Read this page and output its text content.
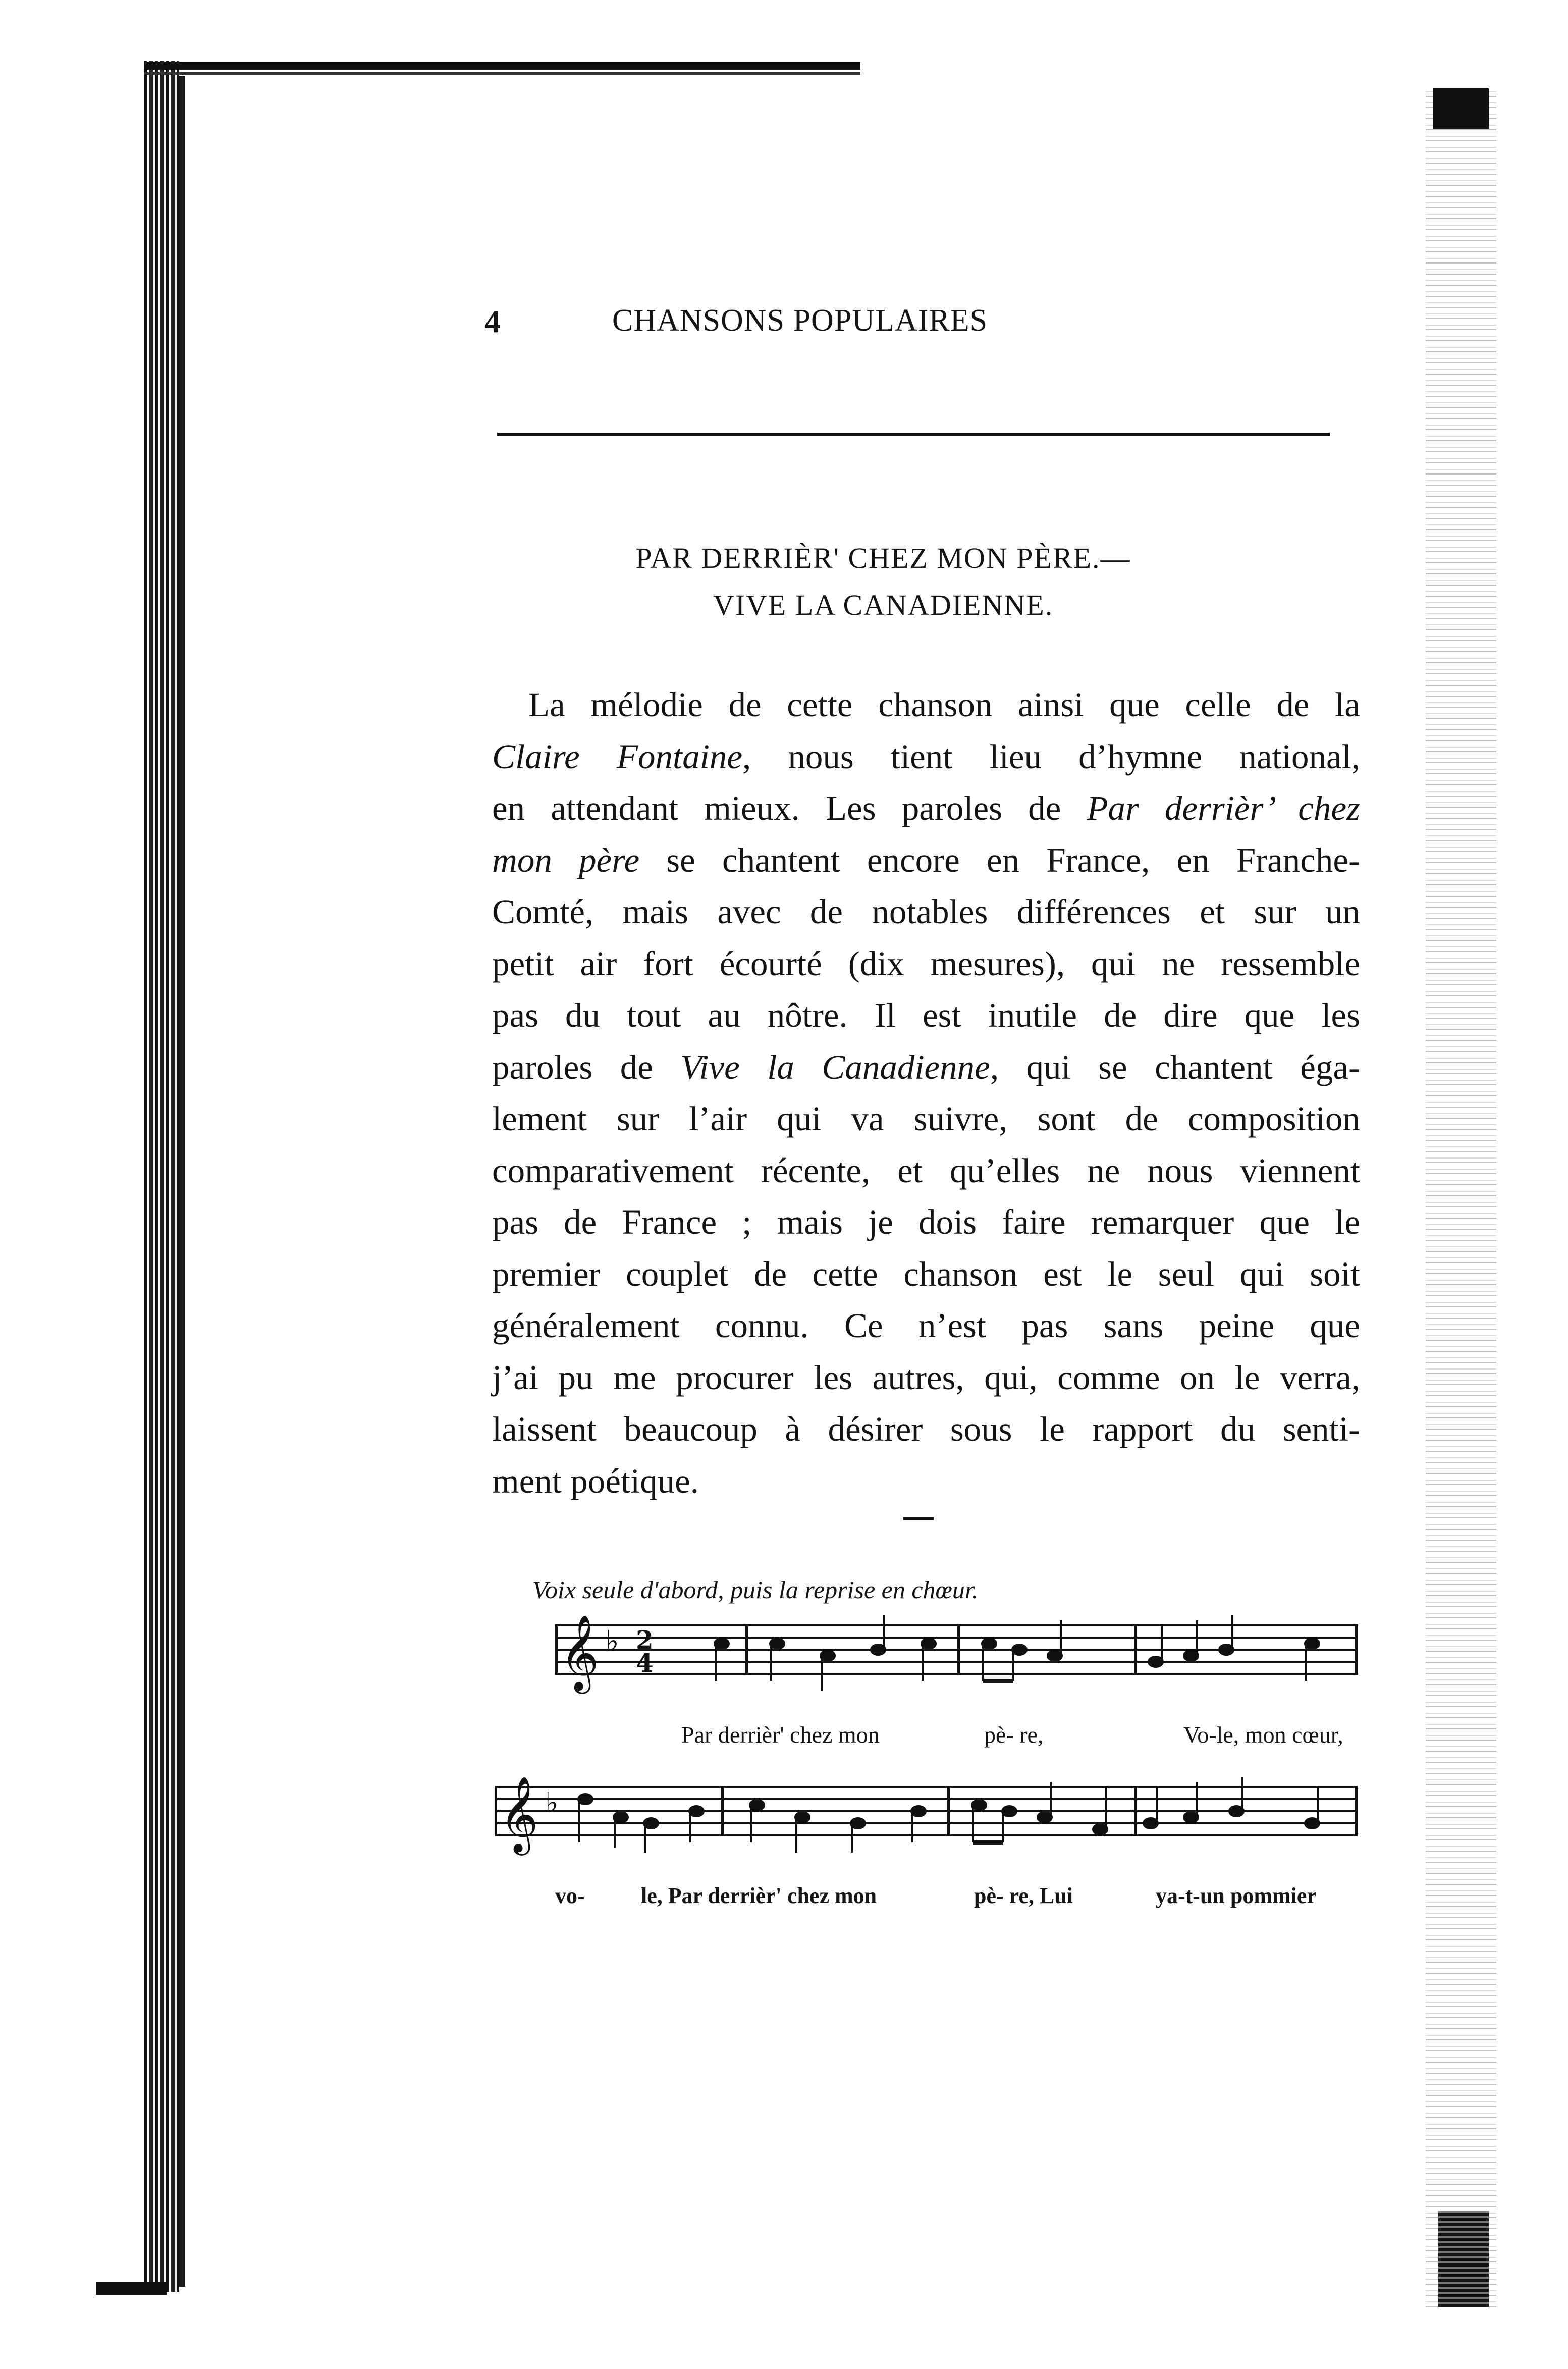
4	CHANSONS POPULAIRES
PAR DERRIÈR' CHEZ MON PÈRE.—
VIVE LA CANADIENNE.
La mélodie de cette chanson ainsi que celle de la
Claire Fontaine, nous tient lieu d’hymne national,
en attendant mieux. Les paroles de Par derrièr’ chez
mon père se chantent encore en France, en Franche-
Comté, mais avec de notables différences et sur un
petit air fort écourté (dix mesures), qui ne ressemble
pas du tout au nôtre. Il est inutile de dire que les
paroles de Vive la Canadienne, qui se chantent éga-
lement sur l’air qui va suivre, sont de composition
comparativement récente, et qu’elles ne nous viennent
pas de France ; mais je dois faire remarquer que le
premier couplet de cette chanson est le seul qui soit
généralement connu. Ce n’est pas sans peine que
j’ai pu me procurer les autres, qui, comme on le verra,
laissent beaucoup à désirer sous le rapport du senti-
ment poétique.
Voix seule d'abord, puis la reprise en chœur.
𝄞 ♭ 2
4
Par derrièr' chez mon	pè- re,	Vo-le, mon cœur,
𝄞 ♭
vo-	le, Par derrièr' chez mon	pè- re, Lui	ya-t-un pommier
